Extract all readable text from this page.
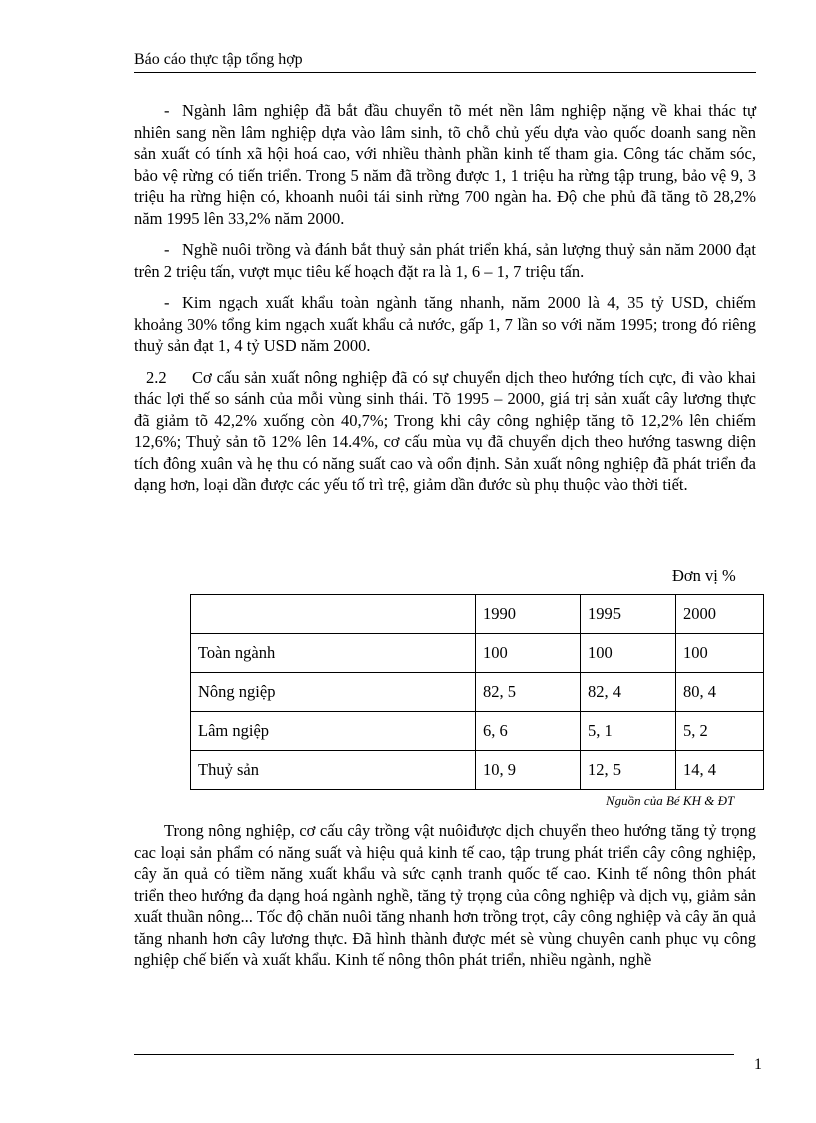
Báo cáo thực tập tổng hợp

- Ngành lâm nghiệp đã bắt đầu chuyển tõ mét nền lâm nghiệp nặng về khai thác tự nhiên sang nền lâm nghiệp dựa vào lâm sinh, tõ chỗ chủ yếu dựa vào quốc doanh sang nền sản xuất có tính xã hội hoá cao, với nhiều thành phần kinh tế tham gia. Công tác chăm sóc, bảo vệ rừng có tiến triển. Trong 5 năm đã trồng được 1, 1 triệu ha rừng tập trung, bảo vệ 9, 3 triệu ha rừng hiện có, khoanh nuôi tái sinh rừng 700 ngàn ha. Độ che phủ đã tăng tõ 28,2% năm 1995 lên 33,2% năm 2000.

- Nghề nuôi trồng và đánh bắt thuỷ sản phát triển khá, sản lượng thuỷ sản năm 2000 đạt trên 2 triệu tấn, vượt mục tiêu kế hoạch đặt ra là 1, 6 – 1, 7 triệu tấn.

- Kim ngạch xuất khẩu toàn ngành tăng nhanh, năm 2000 là 4, 35 tỷ USD, chiếm khoảng 30% tổng kim ngạch xuất khẩu cả nước, gấp 1, 7 lần so với năm 1995; trong đó riêng thuỷ sản đạt 1, 4 tỷ USD năm 2000.

2.2 Cơ cấu sản xuất nông nghiệp đã có sự chuyển dịch theo hướng tích cực, đi vào khai thác lợi thế so sánh của mỗi vùng sinh thái. Tõ 1995 – 2000, giá trị sản xuất cây lương thực đã giảm tõ 42,2% xuống còn 40,7%; Trong khi cây công nghiệp tăng tõ 12,2% lên chiếm 12,6%; Thuỷ sản tõ 12% lên 14.4%, cơ cấu mùa vụ đã chuyển dịch theo hướng taswng diện tích đông xuân và hẹ thu có năng suất cao và oổn định. Sản xuất nông nghiệp đã phát triển đa dạng hơn, loại dần được các yếu tố trì trệ, giảm dần đước sù phụ thuộc vào thời tiết.

Đơn vị %
	1990	1995	2000
Toàn ngành	100	100	100
Nông ngiệp	82, 5	82, 4	80, 4
Lâm ngiệp	6, 6	5, 1	5, 2
Thuỷ sản	10, 9	12, 5	14, 4
Nguồn của Bé KH & ĐT

Trong nông nghiệp, cơ cấu cây trồng vật nuôiđược dịch chuyển theo hướng tăng tỷ trọng cac loại sản phẩm có năng suất và hiệu quả kinh tế cao, tập trung phát triển cây công nghiệp, cây ăn quả có tiềm năng xuất khẩu và sức cạnh tranh quốc tế cao. Kinh tế nông thôn phát triển theo hướng đa dạng hoá ngành nghề, tăng tỷ trọng của công nghiệp và dịch vụ, giảm sản xuất thuần nông... Tốc độ chăn nuôi tăng nhanh hơn trồng trọt, cây công nghiệp và cây ăn quả tăng nhanh hơn cây lương thực. Đã hình thành được mét sè vùng chuyên canh phục vụ công nghiệp chế biến và xuất khẩu. Kinh tế nông thôn phát triển, nhiều ngành, nghề

1
